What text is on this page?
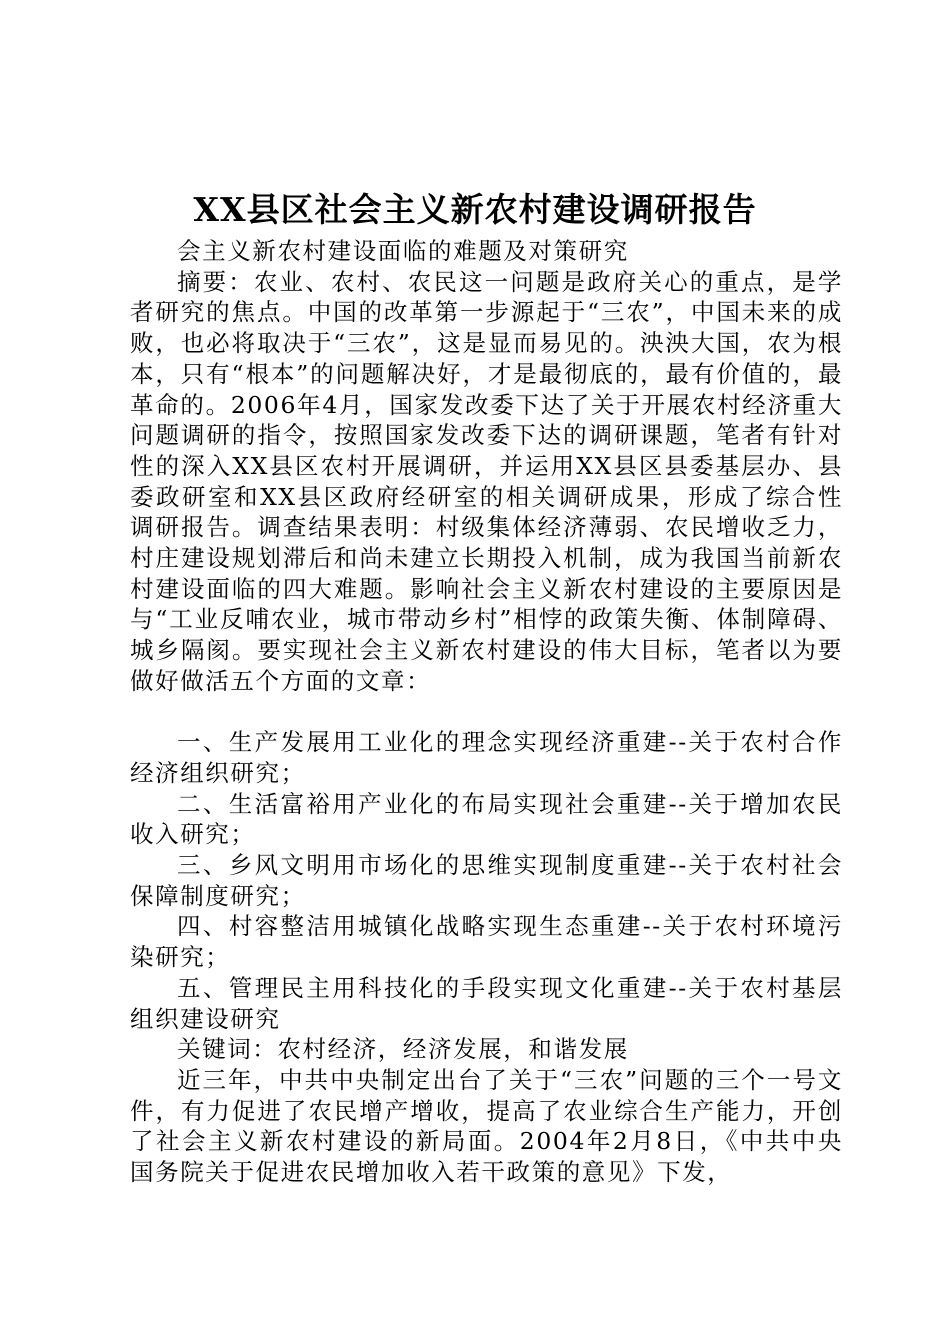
XX县区社会主义新农村建设调研报告

会主义新农村建设面临的难题及对策研究

摘要：农业、农村、农民这一问题是政府关心的重点，是学者研究的焦点。中国的改革第一步源起于“三农”，中国未来的成败，也必将取决于“三农”，这是显而易见的。泱泱大国，农为根本，只有“根本”的问题解决好，才是最彻底的，最有价值的，最革命的。2006年4月，国家发改委下达了关于开展农村经济重大问题调研的指令，按照国家发改委下达的调研课题，笔者有针对性的深入XX县区农村开展调研，并运用XX县区县委基层办、县委政研室和XX县区政府经研室的相关调研成果，形成了综合性调研报告。调查结果表明：村级集体经济薄弱、农民增收乏力，村庄建设规划滞后和尚未建立长期投入机制，成为我国当前新农村建设面临的四大难题。影响社会主义新农村建设的主要原因是与“工业反哺农业，城市带动乡村”相悖的政策失衡、体制障碍、城乡隔阂。要实现社会主义新农村建设的伟大目标，笔者以为要做好做活五个方面的文章：

一、生产发展用工业化的理念实现经济重建--关于农村合作经济组织研究；

二、生活富裕用产业化的布局实现社会重建--关于增加农民收入研究；

三、乡风文明用市场化的思维实现制度重建--关于农村社会保障制度研究；

四、村容整洁用城镇化战略实现生态重建--关于农村环境污染研究；

五、管理民主用科技化的手段实现文化重建--关于农村基层组织建设研究

关键词：农村经济，经济发展，和谐发展

近三年，中共中央制定出台了关于“三农”问题的三个一号文件，有力促进了农民增产增收，提高了农业综合生产能力，开创了社会主义新农村建设的新局面。2004年2月8日，《中共中央国务院关于促进农民增加收入若干政策的意见》下发，
